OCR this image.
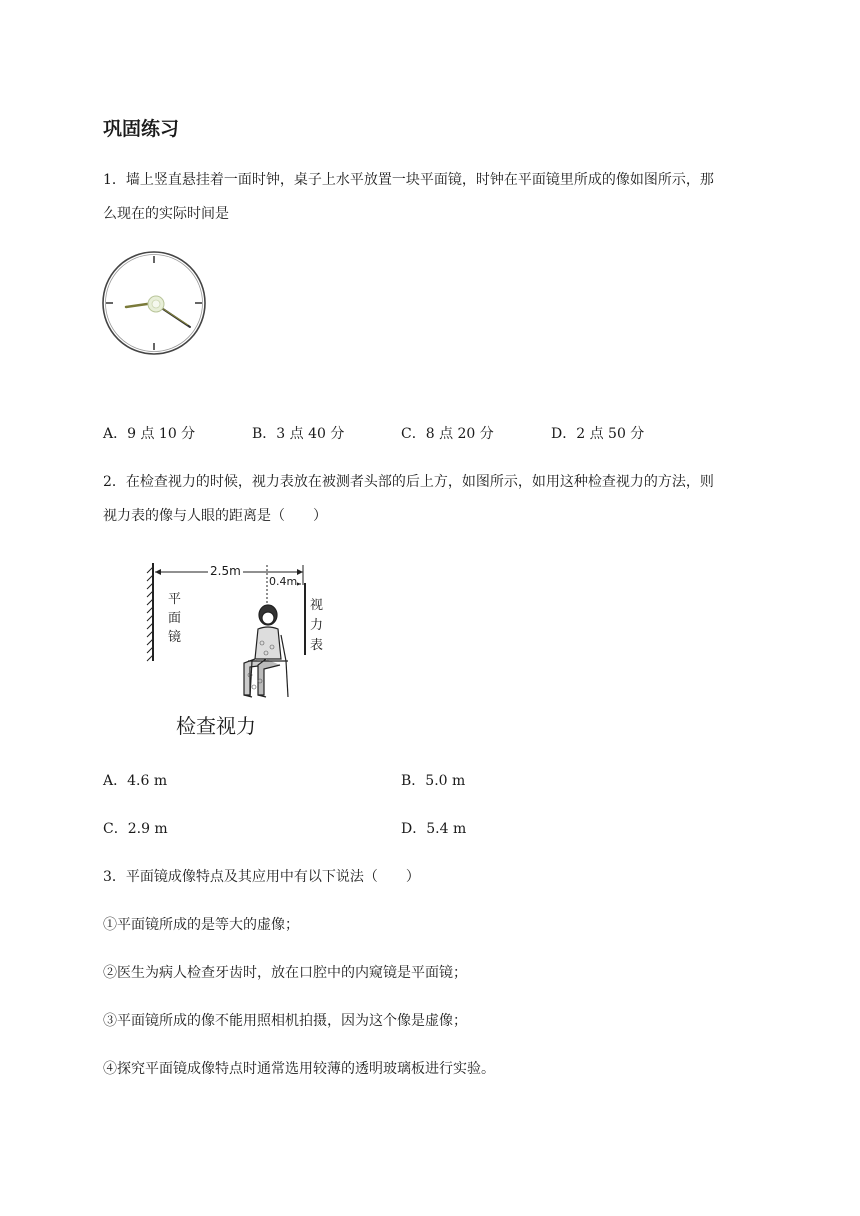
巩固练习
1．墙上竖直悬挂着一面时钟，桌子上水平放置一块平面镜，时钟在平面镜里所成的像如图所示，那
么现在的实际时间是
A．9 点 10 分	B．3 点 40 分	C．8 点 20 分	D．2 点 50 分
2．在检查视力的时候，视力表放在被测者头部的后上方，如图所示，如用这种检查视力的方法，则
视力表的像与人眼的距离是（　　）
2.5m
0.4m
平
面
镜
视
力
表
检查视力
A．4.6 m	B．5.0 m
C．2.9 m	D．5.4 m
3．平面镜成像特点及其应用中有以下说法（　　）
①平面镜所成的是等大的虚像；
②医生为病人检查牙齿时，放在口腔中的内窥镜是平面镜；
③平面镜所成的像不能用照相机拍摄，因为这个像是虚像；
④探究平面镜成像特点时通常选用较薄的透明玻璃板进行实验。
